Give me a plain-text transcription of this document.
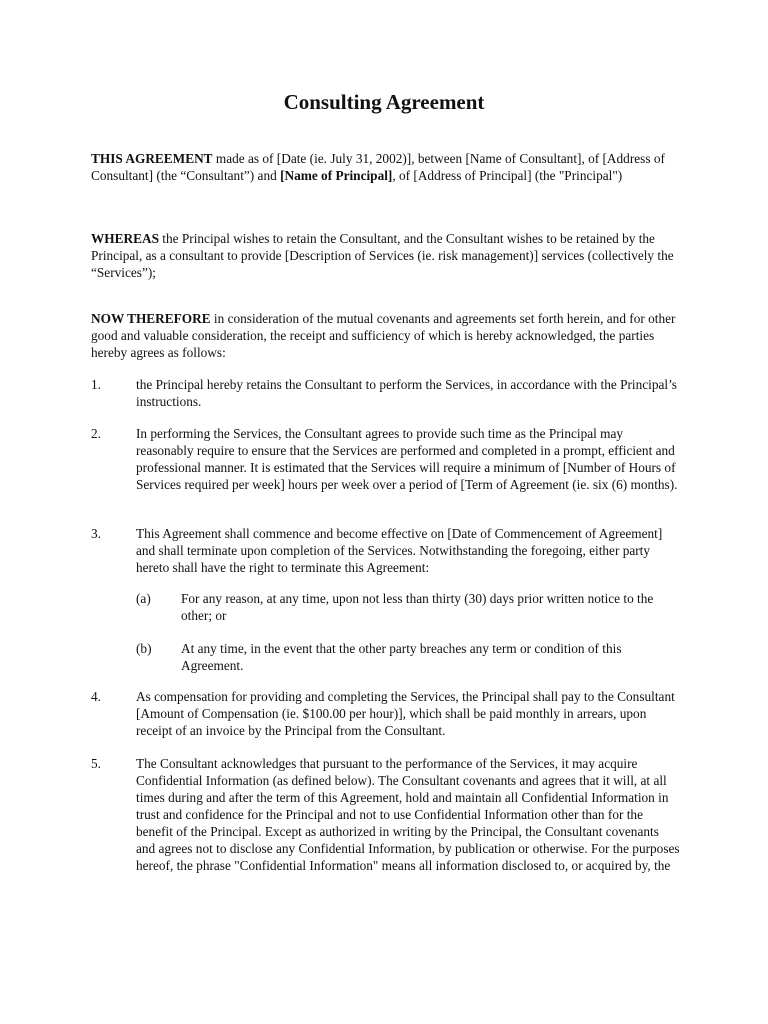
Consulting Agreement

THIS AGREEMENT made as of [Date (ie. July 31, 2002)], between [Name of Consultant], of [Address of Consultant] (the “Consultant”) and [Name of Principal], of [Address of Principal] (the "Principal")

WHEREAS the Principal wishes to retain the Consultant, and the Consultant wishes to be retained by the Principal, as a consultant to provide [Description of Services (ie. risk management)] services (collectively the “Services”);

NOW THEREFORE in consideration of the mutual covenants and agreements set forth herein, and for other good and valuable consideration, the receipt and sufficiency of which is hereby acknowledged, the parties hereby agrees as follows:

1.	the Principal hereby retains the Consultant to perform the Services, in accordance with the Principal’s instructions.
2.	In performing the Services, the Consultant agrees to provide such time as the Principal may reasonably require to ensure that the Services are performed and completed in a prompt, efficient and professional manner. It is estimated that the Services will require a minimum of [Number of Hours of Services required per week] hours per week over a period of [Term of Agreement (ie. six (6) months).
3.	This Agreement shall commence and become effective on [Date of Commencement of Agreement] and shall terminate upon completion of the Services. Notwithstanding the foregoing, either party hereto shall have the right to terminate this Agreement:
(a) For any reason, at any time, upon not less than thirty (30) days prior written notice to the other; or
(b) At any time, in the event that the other party breaches any term or condition of this Agreement.
4.	As compensation for providing and completing the Services, the Principal shall pay to the Consultant [Amount of Compensation (ie. $100.00 per hour)], which shall be paid monthly in arrears, upon receipt of an invoice by the Principal from the Consultant.
5.	The Consultant acknowledges that pursuant to the performance of the Services, it may acquire Confidential Information (as defined below). The Consultant covenants and agrees that it will, at all times during and after the term of this Agreement, hold and maintain all Confidential Information in trust and confidence for the Principal and not to use Confidential Information other than for the benefit of the Principal. Except as authorized in writing by the Principal, the Consultant covenants and agrees not to disclose any Confidential Information, by publication or otherwise. For the purposes hereof, the phrase "Confidential Information" means all information disclosed to, or acquired by, the
